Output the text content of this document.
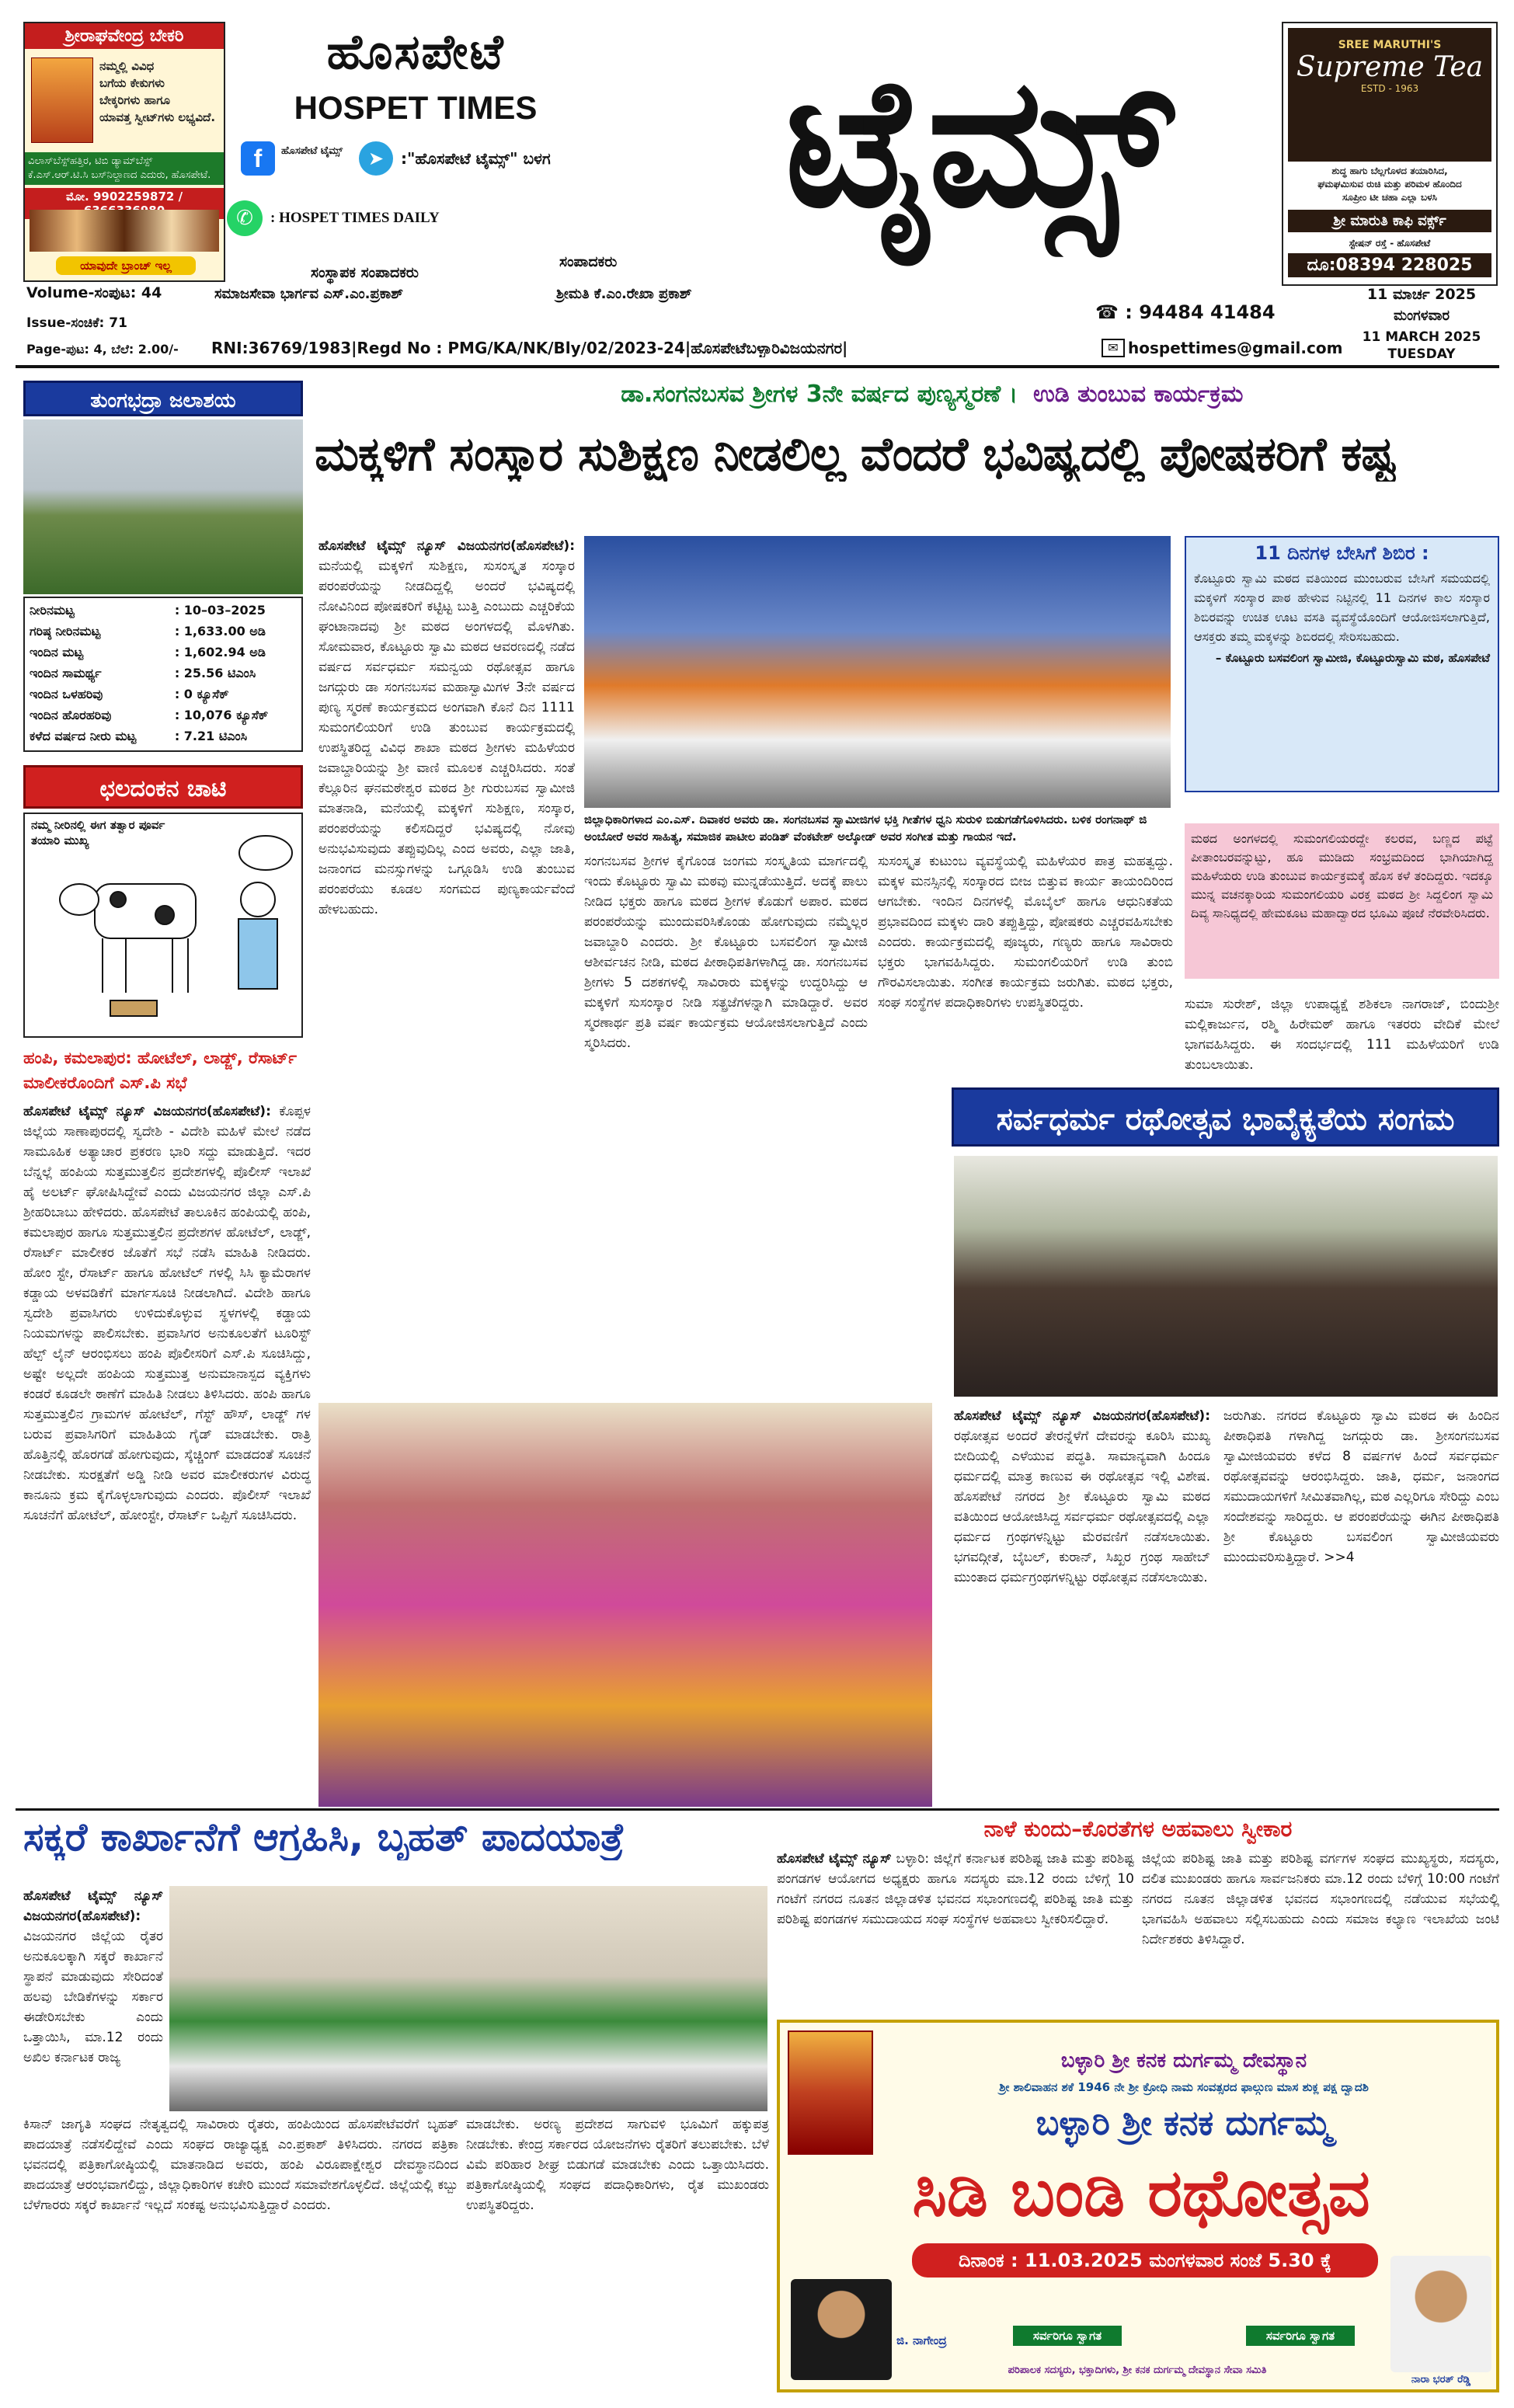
ಶ್ರೀರಾಘವೇಂದ್ರ ಬೇಕರಿ
ನಮ್ಮಲ್ಲಿ ವಿವಿಧ
ಬಗೆಯ ಕೇಕುಗಳು
ಬೇಕ್ಕರಿಗಳು ಹಾಗೂ
ಯಾವತ್ತ ಸ್ವೀಟ್‌ಗಳು ಲಭ್ಯವಿದೆ.
ವಿಲಾಸ್‌ಬೆಸ್ಪ್‌ಹತ್ತಿರ, ಟಿಬಿ ಡ್ಯಾಮ್‌ಬೆಸ್ಪ್
ಕೆ.ಎಸ್.ಆರ್.ಟಿ.ಸಿ ಬಸ್‌ನಿಲ್ದಾಣದ ಎದುರು, ಹೊಸಪೇಟೆ.
ಮೋ. 9902259872 /
ಯಾವುದೇ ಬ್ರಾಂಚ್ ಇಲ್ಲ
ಹೊಸಪೇಟೆ
HOSPET TIMES	ಟೈಮ್ಸ್
f	ಹೊಸಪೇಟೆ ಟೈಮ್ಸ್	➤	:"ಹೊಸಪೇಟೆ ಟೈಮ್ಸ್" ಬಳಗ
✆	: HOSPET TIMES DAILY
ಸಂಸ್ಥಾಪಕ ಸಂಪಾದಕರು
ಸಂಪಾದಕರು
SREE MARUTHI'S
Supreme Tea
ESTD - 1963
ಶುದ್ಧ ಹಾಗು ಬೆಲ್ಲಗೊಳದ ತಯಾರಿಸಿದ,
ಘಮಘಮಿಸುವ ರುಚಿ ಮತ್ತು ಪರಿಮಳ ಹೊಂದಿದ
ಸೂಪ್ರೀಂ ಟೀ ಚಹಾ ಎಲ್ಲಾ ಬಳಸಿ
ಶ್ರೀ ಮಾರುತಿ ಕಾಫಿ ವರ್ಕ್ಸ್
ಸ್ಟೇಷನ್ ರಸ್ತೆ - ಹೊಸಪೇಟೆ
ದೂ:08394 228025
Volume-ಸಂಪುಟ: 44	ಸಮಾಜಸೇವಾ ಭಾರ್ಗವ ಎಸ್.ಎಂ.ಪ್ರಕಾಶ್	ಶ್ರೀಮತಿ ಕೆ.ಎಂ.ರೇಖಾ ಪ್ರಕಾಶ್
☎ : 94484 41484
11 ಮಾರ್ಚ 2025
ಮಂಗಳವಾರ
Issue-ಸಂಚಿಕೆ: 71
11 MARCH 2025
TUESDAY
Page-ಪುಟ: 4, ಬೆಲೆ: 2.00/-	RNI:36769/1983|Regd No : PMG/KA/NK/Bly/02/2023-24|ಹೊಸಪೇಟೆಬಳ್ಳಾರಿವಿಜಯನಗರ|	✉ hospettimes@gmail.com
ತುಂಗಭದ್ರಾ ಜಲಾಶಯ
ನೀರಿನಮಟ್ಟ	: 10–03–2025
ಗರಿಷ್ಠ ನೀರಿನಮಟ್ಟ	: 1,633.00 ಅಡಿ
ಇಂದಿನ ಮಟ್ಟ	: 1,602.94 ಅಡಿ
ಇಂದಿನ ಸಾಮರ್ಥ್ಯ	: 25.56 ಟಿಎಂಸಿ
ಇಂದಿನ ಒಳಹರಿವು	: 0 ಕ್ಯೂಸೆಕ್
ಇಂದಿನ ಹೊರಹರಿವು	: 10,076 ಕ್ಯೂಸೆಕ್
ಕಳೆದ ವರ್ಷದ ನೀರು ಮಟ್ಟ	: 7.21 ಟಿಎಂಸಿ
ಛಲದಂಕನ ಚಾಟಿ
ನಮ್ಮ ನೀರಿನಲ್ಲಿ ಈಗ ತತ್ವಾರ ಪೂರ್ವ ತಯಾರಿ ಮುಖ್ಯ
ಹಂಪಿ, ಕಮಲಾಪುರ: ಹೋಟೆಲ್, ಲಾಡ್ಜ್, ರೆಸಾರ್ಟ್ ಮಾಲೀಕರೊಂದಿಗೆ ಎಸ್.ಪಿ ಸಭೆ
ಹೊಸಪೇಟೆ ಟೈಮ್ಸ್ ನ್ಯೂಸ್ ವಿಜಯನಗರ(ಹೊಸಪೇಟೆ): ಕೊಪ್ಪಳ ಜಿಲ್ಲೆಯ ಸಾಣಾಪುರದಲ್ಲಿ ಸ್ವದೇಶಿ - ವಿದೇಶಿ ಮಹಿಳೆ ಮೇಲೆ ನಡೆದ ಸಾಮೂಹಿಕ ಅತ್ಯಾಚಾರ ಪ್ರಕರಣ ಭಾರಿ ಸದ್ದು ಮಾಡುತ್ತಿದೆ. ಇದರ ಬೆನ್ನಲ್ಲೆ ಹಂಪಿಯ ಸುತ್ತಮುತ್ತಲಿನ ಪ್ರದೇಶಗಳಲ್ಲಿ ಪೊಲೀಸ್ ಇಲಾಖೆ ಹೈ ಅಲರ್ಟ್ ಘೋಷಿಸಿದ್ದೇವೆ ಎಂದು ವಿಜಯನಗರ ಜಿಲ್ಲಾ ಎಸ್.ಪಿ ಶ್ರೀಹರಿಬಾಬು ಹೇಳಿದರು. ಹೊಸಪೇಟೆ ತಾಲೂಕಿನ ಹಂಪಿಯಲ್ಲಿ ಹಂಪಿ, ಕಮಲಾಪುರ ಹಾಗೂ ಸುತ್ತಮುತ್ತಲಿನ ಪ್ರದೇಶಗಳ ಹೋಟೆಲ್, ಲಾಡ್ಜ್, ರೆಸಾರ್ಟ್ ಮಾಲೀಕರ ಜೊತೆಗೆ ಸಭೆ ನಡೆಸಿ ಮಾಹಿತಿ ನೀಡಿದರು. ಹೋಂ ಸ್ಟೇ, ರೆಸಾರ್ಟ್ ಹಾಗೂ ಹೋಟೆಲ್ ಗಳಲ್ಲಿ ಸಿಸಿ ಕ್ಯಾಮೆರಾಗಳ ಕಡ್ಡಾಯ ಅಳವಡಿಕೆಗೆ ಮಾರ್ಗಸೂಚಿ ನೀಡಲಾಗಿದೆ. ವಿದೇಶಿ ಹಾಗೂ ಸ್ವದೇಶಿ ಪ್ರವಾಸಿಗರು ಉಳಿದುಕೊಳ್ಳುವ ಸ್ಥಳಗಳಲ್ಲಿ ಕಡ್ಡಾಯ ನಿಯಮಗಳನ್ನು ಪಾಲಿಸಬೇಕು. ಪ್ರವಾಸಿಗರ ಅನುಕೂಲತೆಗೆ ಟೂರಿಸ್ಟ್ ಹೆಲ್ಪ್ ಲೈನ್ ಆರಂಭಿಸಲು ಹಂಪಿ ಪೊಲೀಸರಿಗೆ ಎಸ್.ಪಿ ಸೂಚಿಸಿದ್ದು, ಅಷ್ಟೇ ಅಲ್ಲದೇ ಹಂಪಿಯ ಸುತ್ತಮುತ್ತ ಅನುಮಾನಾಸ್ಪದ ವ್ಯಕ್ತಿಗಳು ಕಂಡರೆ ಕೂಡಲೇ ಠಾಣೆಗೆ ಮಾಹಿತಿ ನೀಡಲು ತಿಳಿಸಿದರು. ಹಂಪಿ ಹಾಗೂ ಸುತ್ತಮುತ್ತಲಿನ ಗ್ರಾಮಗಳ ಹೋಟೆಲ್, ಗೆಸ್ಟ್ ಹೌಸ್, ಲಾಡ್ಜ್ ಗಳ ಬರುವ ಪ್ರವಾಸಿಗರಿಗೆ ಮಾಹಿತಿಯ ಗೈಡ್ ಮಾಡಬೇಕು. ರಾತ್ರಿ ಹೊತ್ತಿನಲ್ಲಿ ಹೊರಗಡೆ ಹೋಗುವುದು, ಸ್ಕೆಚ್ಚಿಂಗ್ ಮಾಡದಂತೆ ಸೂಚನೆ ನೀಡಬೇಕು. ಸುರಕ್ಷತೆಗೆ ಅಡ್ಡಿ ನೀಡಿ ಅವರ ಮಾಲೀಕರುಗಳ ವಿರುದ್ಧ ಕಾನೂನು ಕ್ರಮ ಕೈಗೊಳ್ಳಲಾಗುವುದು ಎಂದರು. ಪೊಲೀಸ್ ಇಲಾಖೆ ಸೂಚನೆಗೆ ಹೋಟೆಲ್, ಹೋಂಸ್ಟೇ, ರೆಸಾರ್ಟ್ ಒಪ್ಪಿಗೆ ಸೂಚಿಸಿದರು.
ಡಾ.ಸಂಗನಬಸವ ಶ್ರೀಗಳ 3ನೇ ವರ್ಷದ ಪುಣ್ಯಸ್ಮರಣೆ । ಉಡಿ ತುಂಬುವ ಕಾರ್ಯಕ್ರಮ
ಮಕ್ಕಳಿಗೆ ಸಂಸ್ಕಾರ ಸುಶಿಕ್ಷಣ ನೀಡಲಿಲ್ಲ ವೆಂದರೆ ಭವಿಷ್ಯದಲ್ಲಿ ಪೋಷಕರಿಗೆ ಕಷ್ಟ
ಹೊಸಪೇಟೆ ಟೈಮ್ಸ್ ನ್ಯೂಸ್ ವಿಜಯನಗರ(ಹೊಸಪೇಟೆ): ಮನೆಯಲ್ಲಿ ಮಕ್ಕಳಿಗೆ ಸುಶಿಕ್ಷಣ, ಸುಸಂಸ್ಕೃತ ಸಂಸ್ಕಾರ ಪರಂಪರೆಯನ್ನು ನೀಡದಿದ್ದಲ್ಲಿ ಅಂದರೆ ಭವಿಷ್ಯದಲ್ಲಿ ನೋವಿನಿಂದ ಪೋಷಕರಿಗೆ ಕಟ್ಟಿಟ್ಟ ಬುತ್ತಿ ಎಂಬುದು ಎಚ್ಚರಿಕೆಯ ಘಂಟಾನಾದವು ಶ್ರೀ ಮಠದ ಅಂಗಳದಲ್ಲಿ ಮೊಳಗಿತು. ಸೋಮವಾರ, ಕೊಟ್ಟೂರು ಸ್ವಾಮಿ ಮಠದ ಆವರಣದಲ್ಲಿ ನಡೆದ ವರ್ಷದ ಸರ್ವಧರ್ಮ ಸಮನ್ವಯ ರಥೋತ್ಸವ ಹಾಗೂ ಜಗದ್ಗುರು ಡಾ ಸಂಗನಬಸವ ಮಹಾಸ್ವಾಮಿಗಳ 3ನೇ ವರ್ಷದ ಪುಣ್ಯ ಸ್ಮರಣೆ ಕಾರ್ಯಕ್ರಮದ ಅಂಗವಾಗಿ ಕೊನೆ ದಿನ 1111 ಸುಮಂಗಲಿಯರಿಗೆ ಉಡಿ ತುಂಬುವ ಕಾರ್ಯಕ್ರಮದಲ್ಲಿ ಉಪಸ್ಥಿತರಿದ್ದ ವಿವಿಧ ಶಾಖಾ ಮಠದ ಶ್ರೀಗಳು ಮಹಿಳೆಯರ ಜವಾಬ್ದಾರಿಯನ್ನು ಶ್ರೀ ವಾಣಿ ಮೂಲಕ ಎಚ್ಚರಿಸಿದರು. ಸಂತೆ ಕೆಲ್ಲೂರಿನ ಘನಮಠೇಶ್ವರ ಮಠದ ಶ್ರೀ ಗುರುಬಸವ ಸ್ವಾಮೀಜಿ ಮಾತನಾಡಿ, ಮನೆಯಲ್ಲಿ ಮಕ್ಕಳಿಗೆ ಸುಶಿಕ್ಷಣ, ಸಂಸ್ಕಾರ, ಪರಂಪರೆಯನ್ನು ಕಲಿಸದಿದ್ದರೆ ಭವಿಷ್ಯದಲ್ಲಿ ನೋವು ಅನುಭವಿಸುವುದು ತಪ್ಪುವುದಿಲ್ಲ ಎಂದ ಅವರು, ಎಲ್ಲಾ ಜಾತಿ, ಜನಾಂಗದ ಮನಸ್ಸುಗಳನ್ನು ಒಗ್ಗೂಡಿಸಿ ಉಡಿ ತುಂಬುವ ಪರಂಪರೆಯು ಕೂಡಲ ಸಂಗಮದ ಪುಣ್ಯಕಾರ್ಯವೆಂದೆ ಹೇಳಬಹುದು.
ಜಿಲ್ಲಾಧಿಕಾರಿಗಳಾದ ಎಂ.ಎಸ್. ದಿವಾಕರ ಅವರು ಡಾ. ಸಂಗನಬಸವ ಸ್ವಾಮೀಜಿಗಳ ಭಕ್ತಿ ಗೀತೆಗಳ ಧ್ವನಿ ಸುರುಳಿ ಬಿಡುಗಡೆಗೊಳಿಸಿದರು. ಬಳಿಕ ರಂಗನಾಥ್ ಜಿ ಅಂಬೋರೆ ಅವರ ಸಾಹಿತ್ಯ, ಸಮಾಜಿಕ ಪಾಟೀಲ ಪಂಡಿತ್ ವೆಂಕಟೇಶ್ ಅಲ್ಕೋಡ್ ಅವರ ಸಂಗೀತ ಮತ್ತು ಗಾಯನ ಇದೆ.
ಸಂಗನಬಸವ ಶ್ರೀಗಳ ಕೈಗೊಂಡ ಜಂಗಮ ಸಂಸ್ಕೃತಿಯ ಮಾರ್ಗದಲ್ಲಿ ಇಂದು ಕೊಟ್ಟೂರು ಸ್ವಾಮಿ ಮಠವು ಮುನ್ನಡೆಯುತ್ತಿದೆ. ಅದಕ್ಕೆ ಪಾಲು ನೀಡಿದ ಭಕ್ತರು ಹಾಗೂ ಮಠದ ಶ್ರೀಗಳ ಕೊಡುಗೆ ಅಪಾರ. ಮಠದ ಪರಂಪರೆಯನ್ನು ಮುಂದುವರಿಸಿಕೊಂಡು ಹೋಗುವುದು ನಮ್ಮೆಲ್ಲರ ಜವಾಬ್ದಾರಿ ಎಂದರು. ಶ್ರೀ ಕೊಟ್ಟೂರು ಬಸವಲಿಂಗ ಸ್ವಾಮೀಜಿ ಆಶೀರ್ವಚನ ನೀಡಿ, ಮಠದ ಪೀಠಾಧಿಪತಿಗಳಾಗಿದ್ದ ಡಾ. ಸಂಗನಬಸವ ಶ್ರೀಗಳು 5 ದಶಕಗಳಲ್ಲಿ ಸಾವಿರಾರು ಮಕ್ಕಳನ್ನು ಉದ್ಧರಿಸಿದ್ದು ಆ ಮಕ್ಕಳಿಗೆ ಸುಸಂಸ್ಕಾರ ನೀಡಿ ಸತ್ಪ್ರಜೆಗಳನ್ನಾಗಿ ಮಾಡಿದ್ದಾರೆ. ಅವರ ಸ್ಮರಣಾರ್ಥ ಪ್ರತಿ ವರ್ಷ ಕಾರ್ಯಕ್ರಮ ಆಯೋಜಿಸಲಾಗುತ್ತಿದೆ ಎಂದು ಸ್ಮರಿಸಿದರು.
ಸುಸಂಸ್ಕೃತ ಕುಟುಂಬ ವ್ಯವಸ್ಥೆಯಲ್ಲಿ ಮಹಿಳೆಯರ ಪಾತ್ರ ಮಹತ್ವದ್ದು. ಮಕ್ಕಳ ಮನಸ್ಸಿನಲ್ಲಿ ಸಂಸ್ಕಾರದ ಬೀಜ ಬಿತ್ತುವ ಕಾರ್ಯ ತಾಯಂದಿರಿಂದ ಆಗಬೇಕು. ಇಂದಿನ ದಿನಗಳಲ್ಲಿ ಮೊಬೈಲ್ ಹಾಗೂ ಆಧುನಿಕತೆಯ ಪ್ರಭಾವದಿಂದ ಮಕ್ಕಳು ದಾರಿ ತಪ್ಪುತ್ತಿದ್ದು, ಪೋಷಕರು ಎಚ್ಚರವಹಿಸಬೇಕು ಎಂದರು. ಕಾರ್ಯಕ್ರಮದಲ್ಲಿ ಪೂಜ್ಯರು, ಗಣ್ಯರು ಹಾಗೂ ಸಾವಿರಾರು ಭಕ್ತರು ಭಾಗವಹಿಸಿದ್ದರು. ಸುಮಂಗಲಿಯರಿಗೆ ಉಡಿ ತುಂಬಿ ಗೌರವಿಸಲಾಯಿತು. ಸಂಗೀತ ಕಾರ್ಯಕ್ರಮ ಜರುಗಿತು. ಮಠದ ಭಕ್ತರು, ಸಂಘ ಸಂಸ್ಥೆಗಳ ಪದಾಧಿಕಾರಿಗಳು ಉಪಸ್ಥಿತರಿದ್ದರು.
11 ದಿನಗಳ ಬೇಸಿಗೆ ಶಿಬಿರ :
ಕೊಟ್ಟೂರು ಸ್ವಾಮಿ ಮಠದ ವತಿಯಿಂದ ಮುಂಬರುವ ಬೇಸಿಗೆ ಸಮಯದಲ್ಲಿ ಮಕ್ಕಳಿಗೆ ಸಂಸ್ಕಾರ ಪಾಠ ಹೇಳುವ ನಿಟ್ಟಿನಲ್ಲಿ 11 ದಿನಗಳ ಕಾಲ ಸಂಸ್ಕಾರ ಶಿಬಿರವನ್ನು ಉಚಿತ ಊಟ ವಸತಿ ವ್ಯವಸ್ಥೆಯೊಂದಿಗೆ ಆಯೋಜಿಸಲಾಗುತ್ತಿದೆ, ಆಸಕ್ತರು ತಮ್ಮ ಮಕ್ಕಳನ್ನು ಶಿಬಿರದಲ್ಲಿ ಸೇರಿಸಬಹುದು.
– ಕೊಟ್ಟೂರು ಬಸವಲಿಂಗ ಸ್ವಾಮೀಜಿ, ಕೊಟ್ಟೂರುಸ್ವಾಮಿ ಮಠ, ಹೊಸಪೇಟೆ
ಮಠದ ಅಂಗಳದಲ್ಲಿ ಸುಮಂಗಲಿಯರದ್ದೇ ಕಲರವ, ಬಣ್ಣದ ಪಟ್ಟೆ ಪೀತಾಂಬರವನ್ನುಟ್ಟು, ಹೂ ಮುಡಿದು ಸಂಭ್ರಮದಿಂದ ಭಾಗಿಯಾಗಿದ್ದ ಮಹಿಳೆಯರು ಉಡಿ ತುಂಬುವ ಕಾರ್ಯಕ್ರಮಕ್ಕೆ ಹೊಸ ಕಳೆ ತಂದಿದ್ದರು. ಇದಕ್ಕೂ ಮುನ್ನ ವಚನಕ್ಕಾರಿಯ ಸುಮಂಗಲಿಯರಿ ವಿರಕ್ತ ಮಠದ ಶ್ರೀ ಸಿದ್ದಲಿಂಗ ಸ್ವಾಮಿ ದಿವ್ಯ ಸಾನಿಧ್ಯದಲ್ಲಿ ಹೇಮಕೂಟ ಮಹಾದ್ವಾರದ ಭೂಮಿ ಪೂಜೆ ನೆರವೇರಿಸಿದರು.
ಸುಮಾ ಸುರೇಶ್, ಜಿಲ್ಲಾ ಉಪಾಧ್ಯಕ್ಷೆ ಶಶಿಕಲಾ ನಾಗರಾಜ್, ಬಿಂದುಶ್ರೀ ಮಲ್ಲಿಕಾರ್ಜುನ, ರಶ್ಮಿ ಹಿರೇಮಠ್ ಹಾಗೂ ಇತರರು ವೇದಿಕೆ ಮೇಲೆ ಭಾಗವಹಿಸಿದ್ದರು. ಈ ಸಂದರ್ಭದಲ್ಲಿ 111 ಮಹಿಳೆಯರಿಗೆ ಉಡಿ ತುಂಬಲಾಯಿತು.
ಸರ್ವಧರ್ಮ ರಥೋತ್ಸವ ಭಾವೈಕ್ಯತೆಯ ಸಂಗಮ
ಹೊಸಪೇಟೆ ಟೈಮ್ಸ್ ನ್ಯೂಸ್ ವಿಜಯನಗರ(ಹೊಸಪೇಟೆ): ರಥೋತ್ಸವ ಅಂದರೆ ತೇರನ್ನೆಳೆಗೆ ದೇವರನ್ನು ಕೂರಿಸಿ ಮುಖ್ಯ ಬೀದಿಯಲ್ಲಿ ಎಳೆಯುವ ಪದ್ಧತಿ. ಸಾಮಾನ್ಯವಾಗಿ ಹಿಂದೂ ಧರ್ಮದಲ್ಲಿ ಮಾತ್ರ ಕಾಣುವ ಈ ರಥೋತ್ಸವ ಇಲ್ಲಿ ವಿಶೇಷ. ಹೊಸಪೇಟೆ ನಗರದ ಶ್ರೀ ಕೊಟ್ಟೂರು ಸ್ವಾಮಿ ಮಠದ ವತಿಯಿಂದ ಆಯೋಜಿಸಿದ್ದ ಸರ್ವಧರ್ಮ ರಥೋತ್ಸವದಲ್ಲಿ ಎಲ್ಲಾ ಧರ್ಮದ ಗ್ರಂಥಗಳನ್ನಿಟ್ಟು ಮೆರವಣಿಗೆ ನಡೆಸಲಾಯಿತು. ಭಗವದ್ಗೀತೆ, ಬೈಬಲ್, ಕುರಾನ್, ಸಿಖ್ಖರ ಗ್ರಂಥ ಸಾಹೇಬ್ ಮುಂತಾದ ಧರ್ಮಗ್ರಂಥಗಳನ್ನಿಟ್ಟು ರಥೋತ್ಸವ ನಡೆಸಲಾಯಿತು.
ಜರುಗಿತು. ನಗರದ ಕೊಟ್ಟೂರು ಸ್ವಾಮಿ ಮಠದ ಈ ಹಿಂದಿನ ಪೀಠಾಧಿಪತಿ ಗಳಾಗಿದ್ದ ಜಗದ್ಗುರು ಡಾ. ಶ್ರೀಸಂಗನಬಸವ ಸ್ವಾಮೀಜಿಯವರು ಕಳೆದ 8 ವರ್ಷಗಳ ಹಿಂದೆ ಸರ್ವಧರ್ಮ ರಥೋತ್ಸವವನ್ನು ಆರಂಭಿಸಿದ್ದರು. ಜಾತಿ, ಧರ್ಮ, ಜನಾಂಗದ ಸಮುದಾಯಗಳಿಗೆ ಸೀಮಿತವಾಗಿಲ್ಲ, ಮಠ ಎಲ್ಲರಿಗೂ ಸೇರಿದ್ದು ಎಂಬ ಸಂದೇಶವನ್ನು ಸಾರಿದ್ದರು. ಆ ಪರಂಪರೆಯನ್ನು ಈಗಿನ ಪೀಠಾಧಿಪತಿ ಶ್ರೀ ಕೊಟ್ಟೂರು ಬಸವಲಿಂಗ ಸ್ವಾಮೀಜಿಯವರು ಮುಂದುವರಿಸುತ್ತಿದ್ದಾರೆ. >>4
ಸಕ್ಕರೆ ಕಾರ್ಖಾನೆಗೆ ಆಗ್ರಹಿಸಿ, ಬೃಹತ್ ಪಾದಯಾತ್ರೆ
ಹೊಸಪೇಟೆ ಟೈಮ್ಸ್ ನ್ಯೂಸ್ ವಿಜಯನಗರ(ಹೊಸಪೇಟೆ): ವಿಜಯನಗರ ಜಿಲ್ಲೆಯ ರೈತರ ಅನುಕೂಲಕ್ಕಾಗಿ ಸಕ್ಕರೆ ಕಾರ್ಖಾನೆ ಸ್ಥಾಪನೆ ಮಾಡುವುದು ಸೇರಿದಂತೆ ಹಲವು ಬೇಡಿಕೆಗಳನ್ನು ಸರ್ಕಾರ ಈಡೇರಿಸಬೇಕು ಎಂದು ಒತ್ತಾಯಿಸಿ, ಮಾ.12 ರಂದು ಅಖಿಲ ಕರ್ನಾಟಕ ರಾಜ್ಯ
ಕಿಸಾನ್ ಜಾಗೃತಿ ಸಂಘದ ನೇತೃತ್ವದಲ್ಲಿ ಸಾವಿರಾರು ರೈತರು, ಹಂಪಿಯಿಂದ ಹೊಸಪೇಟೆವರೆಗೆ ಬೃಹತ್ ಪಾದಯಾತ್ರೆ ನಡೆಸಲಿದ್ದೇವೆ ಎಂದು ಸಂಘದ ರಾಜ್ಯಾಧ್ಯಕ್ಷ ಎಂ.ಪ್ರಕಾಶ್ ತಿಳಿಸಿದರು. ನಗರದ ಪತ್ರಿಕಾ ಭವನದಲ್ಲಿ ಪತ್ರಿಕಾಗೋಷ್ಠಿಯಲ್ಲಿ ಮಾತನಾಡಿದ ಅವರು, ಹಂಪಿ ವಿರೂಪಾಕ್ಷೇಶ್ವರ ದೇವಸ್ಥಾನದಿಂದ ಪಾದಯಾತ್ರೆ ಆರಂಭವಾಗಲಿದ್ದು, ಜಿಲ್ಲಾಧಿಕಾರಿಗಳ ಕಚೇರಿ ಮುಂದೆ ಸಮಾವೇಶಗೊಳ್ಳಲಿದೆ. ಜಿಲ್ಲೆಯಲ್ಲಿ ಕಬ್ಬು ಬೆಳೆಗಾರರು ಸಕ್ಕರೆ ಕಾರ್ಖಾನೆ ಇಲ್ಲದೆ ಸಂಕಷ್ಟ ಅನುಭವಿಸುತ್ತಿದ್ದಾರೆ ಎಂದರು.
ಮಾಡಬೇಕು. ಅರಣ್ಯ ಪ್ರದೇಶದ ಸಾಗುವಳಿ ಭೂಮಿಗೆ ಹಕ್ಕುಪತ್ರ ನೀಡಬೇಕು. ಕೇಂದ್ರ ಸರ್ಕಾರದ ಯೋಜನೆಗಳು ರೈತರಿಗೆ ತಲುಪಬೇಕು. ಬೆಳೆ ವಿಮೆ ಪರಿಹಾರ ಶೀಘ್ರ ಬಿಡುಗಡೆ ಮಾಡಬೇಕು ಎಂದು ಒತ್ತಾಯಿಸಿದರು. ಪತ್ರಿಕಾಗೋಷ್ಠಿಯಲ್ಲಿ ಸಂಘದ ಪದಾಧಿಕಾರಿಗಳು, ರೈತ ಮುಖಂಡರು ಉಪಸ್ಥಿತರಿದ್ದರು.
ನಾಳೆ ಕುಂದು–ಕೊರತೆಗಳ ಅಹವಾಲು ಸ್ವೀಕಾರ
ಹೊಸಪೇಟೆ ಟೈಮ್ಸ್ ನ್ಯೂಸ್ ಬಳ್ಳಾರಿ: ಜಿಲ್ಲೆಗೆ ಕರ್ನಾಟಕ ಪರಿಶಿಷ್ಟ ಜಾತಿ ಮತ್ತು ಪರಿಶಿಷ್ಟ ಪಂಗಡಗಳ ಆಯೋಗದ ಅಧ್ಯಕ್ಷರು ಹಾಗೂ ಸದಸ್ಯರು ಮಾ.12 ರಂದು ಬೆಳಿಗ್ಗೆ 10 ಗಂಟೆಗೆ ನಗರದ ನೂತನ ಜಿಲ್ಲಾಡಳಿತ ಭವನದ ಸಭಾಂಗಣದಲ್ಲಿ ಪರಿಶಿಷ್ಟ ಜಾತಿ ಮತ್ತು ಪರಿಶಿಷ್ಟ ಪಂಗಡಗಳ ಸಮುದಾಯದ ಸಂಘ ಸಂಸ್ಥೆಗಳ ಅಹವಾಲು ಸ್ವೀಕರಿಸಲಿದ್ದಾರೆ.
ಜಿಲ್ಲೆಯ ಪರಿಶಿಷ್ಟ ಜಾತಿ ಮತ್ತು ಪರಿಶಿಷ್ಟ ವರ್ಗಗಳ ಸಂಘದ ಮುಖ್ಯಸ್ಥರು, ಸದಸ್ಯರು, ದಲಿತ ಮುಖಂಡರು ಹಾಗೂ ಸಾರ್ವಜನಿಕರು ಮಾ.12 ರಂದು ಬೆಳಿಗ್ಗೆ 10:00 ಗಂಟೆಗೆ ನಗರದ ನೂತನ ಜಿಲ್ಲಾಡಳಿತ ಭವನದ ಸಭಾಂಗಣದಲ್ಲಿ ನಡೆಯುವ ಸಭೆಯಲ್ಲಿ ಭಾಗವಹಿಸಿ ಅಹವಾಲು ಸಲ್ಲಿಸಬಹುದು ಎಂದು ಸಮಾಜ ಕಲ್ಯಾಣ ಇಲಾಖೆಯ ಜಂಟಿ ನಿರ್ದೇಶಕರು ತಿಳಿಸಿದ್ದಾರೆ.
ಬಳ್ಳಾರಿ ಶ್ರೀ ಕನಕ ದುರ್ಗಮ್ಮ ದೇವಸ್ಥಾನ
ಶ್ರೀ ಶಾಲಿವಾಹನ ಶಕೆ 1946 ನೇ ಶ್ರೀ ಕ್ರೋಧಿ ನಾಮ ಸಂವತ್ಸರದ ಫಾಲ್ಗುಣ ಮಾಸ ಶುಕ್ಲ ಪಕ್ಷ ದ್ವಾದಶಿ
ಬಳ್ಳಾರಿ ಶ್ರೀ ಕನಕ ದುರ್ಗಮ್ಮ
ಸಿಡಿ ಬಂಡಿ ರಥೋತ್ಸವ
ದಿನಾಂಕ : 11.03.2025 ಮಂಗಳವಾರ ಸಂಜೆ 5.30 ಕ್ಕೆ
ಜಿ. ನಾಗೇಂದ್ರ	ಸರ್ವರಿಗೂ ಸ್ವಾಗತ	ಸರ್ವರಿಗೂ ಸ್ವಾಗತ
ನಾರಾ ಭರತ್ ರೆಡ್ಡಿ
ಪರಿಪಾಲಕ ಸದಸ್ಯರು, ಭಕ್ತಾದಿಗಳು, ಶ್ರೀ ಕನಕ ದುರ್ಗಮ್ಮ ದೇವಸ್ಥಾನ ಸೇವಾ ಸಮಿತಿ
